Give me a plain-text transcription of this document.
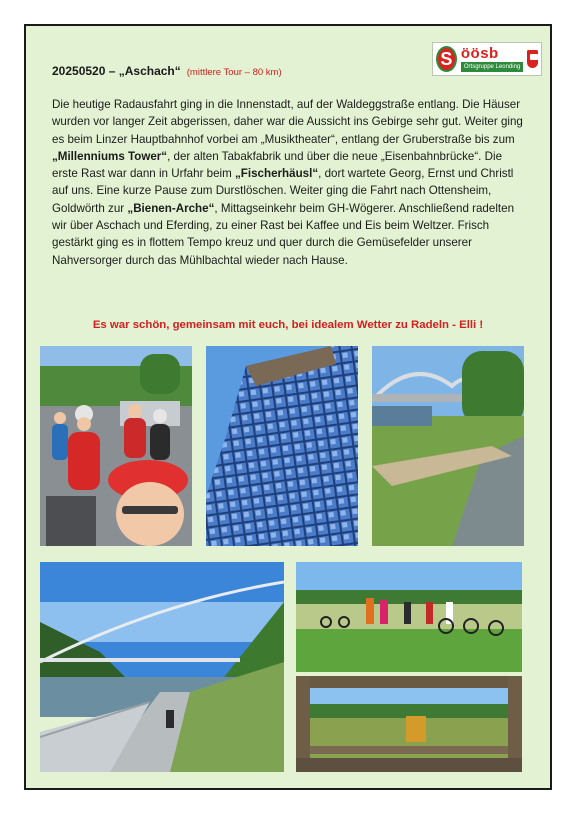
20250520 – „Aschach“ (mittlere Tour – 80 km)
S öösb
Ortsgruppe Leonding

Die heutige Radausfahrt ging in die Innenstadt, auf der Waldeggstraße entlang. Die Häuser wurden vor langer Zeit abgerissen, daher war die Aussicht ins Gebirge sehr gut. Weiter ging es beim Linzer Hauptbahnhof vorbei am „Musiktheater“, entlang der Gruberstraße bis zum „Millenniums Tower“, der alten Tabakfabrik und über die neue „Eisenbahnbrücke“. Die erste Rast war dann in Urfahr beim „Fischerhäusl“, dort wartete Georg, Ernst und Christl auf uns. Eine kurze Pause zum Durstlöschen. Weiter ging die Fahrt nach Ottensheim, Goldwörth zur „Bienen-Arche“, Mittagseinkehr beim GH-Wögerer. Anschließend radelten wir über Aschach und Eferding, zu einer Rast bei Kaffee und Eis beim Weltzer. Frisch gestärkt ging es in flottem Tempo kreuz und quer durch die Gemüsefelder unserer Nahversorger durch das Mühlbachtal wieder nach Hause.

Es war schön, gemeinsam mit euch, bei idealem Wetter zu Radeln - Elli !
